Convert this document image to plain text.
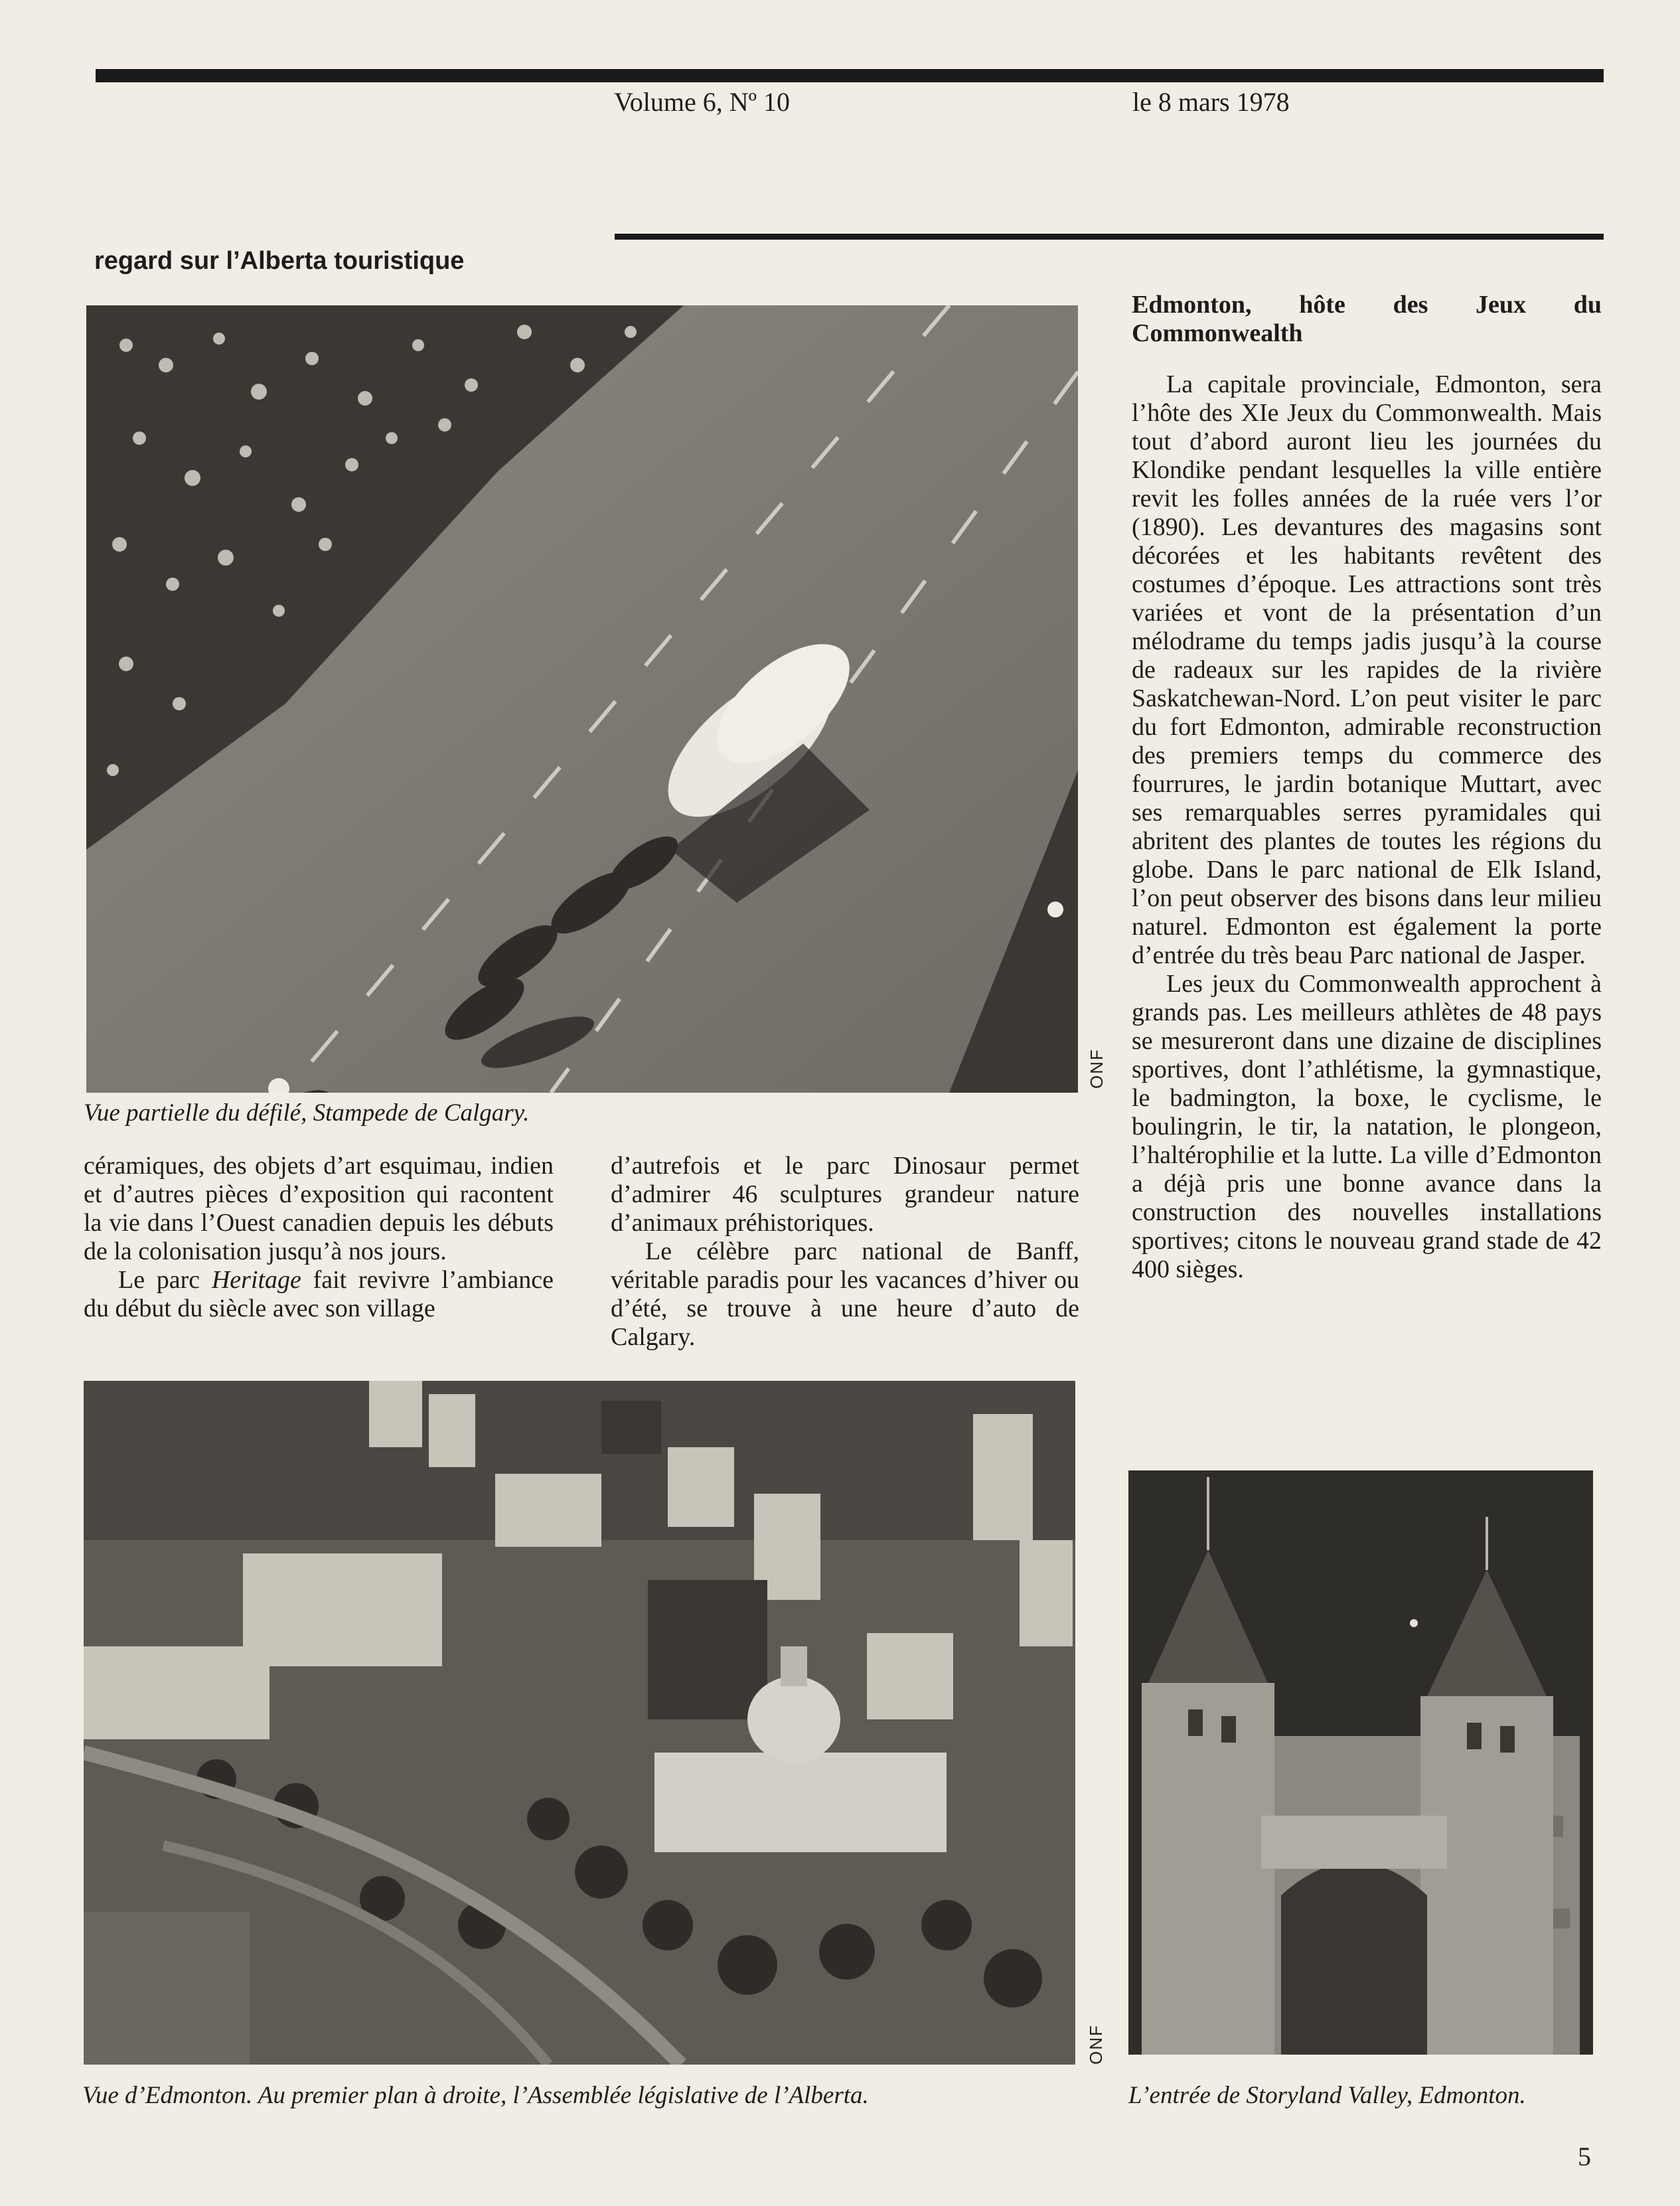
Volume 6, Nº 10	le 8 mars 1978

regard sur l’Alberta touristique
ONF
Vue partielle du défilé, Stampede de Calgary.

céramiques, des objets d’art esquimau, indien et d’autres pièces d’exposition qui racontent la vie dans l’Ouest canadien depuis les débuts de la colonisation jusqu’à nos jours.

Le parc Heritage fait revivre l’ambiance du début du siècle avec son village

d’autrefois et le parc Dinosaur permet d’admirer 46 sculptures grandeur nature d’animaux préhistoriques.

Le célèbre parc national de Banff, véritable paradis pour les vacances d’hiver ou d’été, se trouve à une heure d’auto de Calgary.

ONF
Vue d’Edmonton. Au premier plan à droite, l’Assemblée législative de l’Alberta.
Edmonton, hôte des Jeux du Commonwealth

La capitale provinciale, Edmonton, sera l’hôte des XIe Jeux du Commonwealth. Mais tout d’abord auront lieu les journées du Klondike pendant lesquelles la ville entière revit les folles années de la ruée vers l’or (1890). Les devantures des magasins sont décorées et les habitants revêtent des costumes d’époque. Les attractions sont très variées et vont de la présentation d’un mélodrame du temps jadis jusqu’à la course de radeaux sur les rapides de la rivière Saskatchewan-Nord. L’on peut visiter le parc du fort Edmonton, admirable reconstruction des premiers temps du commerce des fourrures, le jardin botanique Muttart, avec ses remarquables serres pyramidales qui abritent des plantes de toutes les régions du globe. Dans le parc national de Elk Island, l’on peut observer des bisons dans leur milieu naturel. Edmonton est également la porte d’entrée du très beau Parc national de Jasper.

Les jeux du Commonwealth approchent à grands pas. Les meilleurs athlètes de 48 pays se mesureront dans une dizaine de disciplines sportives, dont l’athlétisme, la gymnastique, le badmington, la boxe, le cyclisme, le boulingrin, le tir, la natation, le plongeon, l’haltérophilie et la lutte. La ville d’Edmonton a déjà pris une bonne avance dans la construction des nouvelles installations sportives; citons le nouveau grand stade de 42 400 sièges.

L’entrée de Storyland Valley, Edmonton.
5
